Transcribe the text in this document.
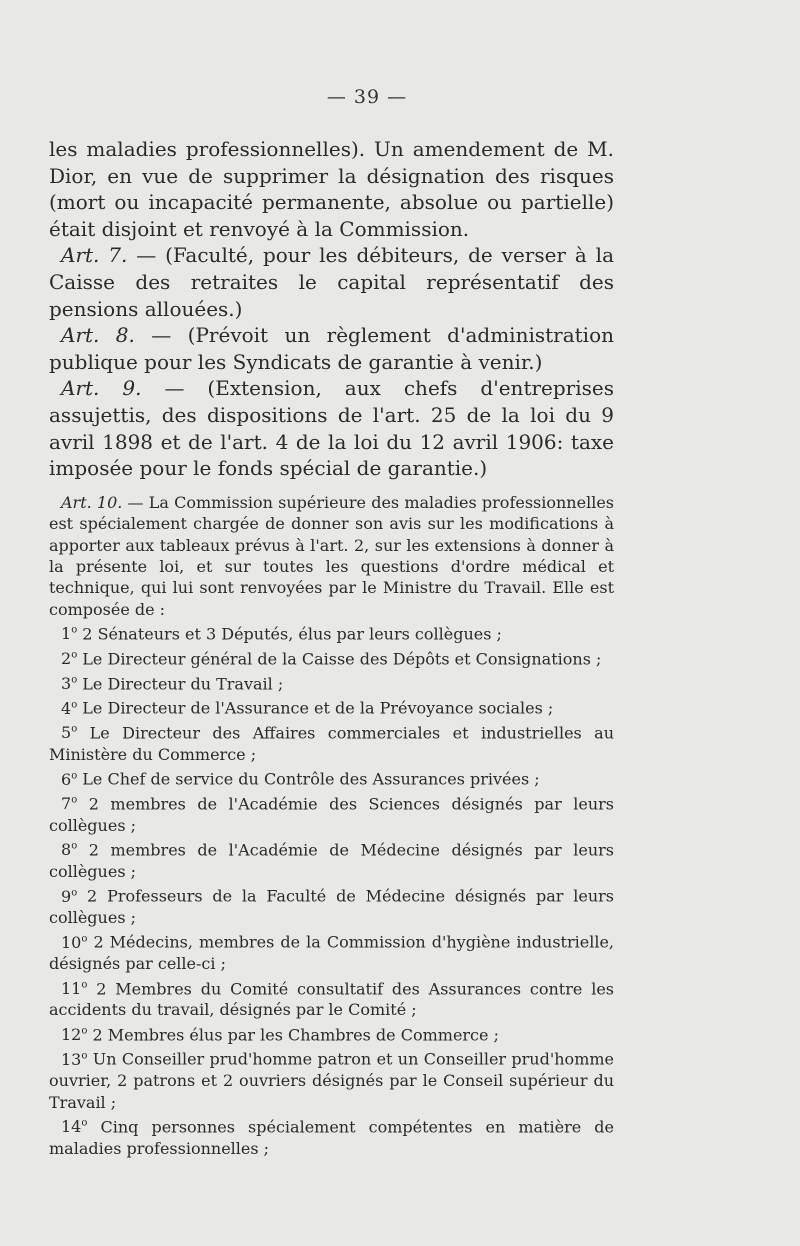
— 39 —

les maladies professionnelles). Un amendement de M. Dior, en vue de supprimer la désignation des risques (mort ou incapacité permanente, absolue ou partielle) était disjoint et renvoyé à la Commission.

Art. 7. — (Faculté, pour les débiteurs, de verser à la Caisse des retraites le capital représentatif des pensions allouées.)

Art. 8. — (Prévoit un règlement d'administration publique pour les Syndicats de garantie à venir.)

Art. 9. — (Extension, aux chefs d'entreprises assujettis, des dispositions de l'art. 25 de la loi du 9 avril 1898 et de l'art. 4 de la loi du 12 avril 1906: taxe imposée pour le fonds spécial de garantie.)

Art. 10. — La Commission supérieure des maladies professionnelles est spécialement chargée de donner son avis sur les modifications à apporter aux tableaux prévus à l'art. 2, sur les extensions à donner à la présente loi, et sur toutes les questions d'ordre médical et technique, qui lui sont renvoyées par le Ministre du Travail. Elle est composée de :

1$^o$ 2 Sénateurs et 3 Députés, élus par leurs collègues ;

2$^o$ Le Directeur général de la Caisse des Dépôts et Consignations ;

3$^o$ Le Directeur du Travail ;

4$^o$ Le Directeur de l'Assurance et de la Prévoyance sociales ;

5$^o$ Le Directeur des Affaires commerciales et industrielles au Ministère du Commerce ;

6$^o$ Le Chef de service du Contrôle des Assurances privées ;

7$^o$ 2 membres de l'Académie des Sciences désignés par leurs collègues ;

8$^o$ 2 membres de l'Académie de Médecine désignés par leurs collègues ;

9$^o$ 2 Professeurs de la Faculté de Médecine désignés par leurs collègues ;

10$^o$ 2 Médecins, membres de la Commission d'hygiène industrielle, désignés par celle-ci ;

11$^o$ 2 Membres du Comité consultatif des Assurances contre les accidents du travail, désignés par le Comité ;

12$^o$ 2 Membres élus par les Chambres de Commerce ;

13$^o$ Un Conseiller prud'homme patron et un Conseiller prud'homme ouvrier, 2 patrons et 2 ouvriers désignés par le Conseil supérieur du Travail ;

14$^o$ Cinq personnes spécialement compétentes en matière de maladies professionnelles ;
